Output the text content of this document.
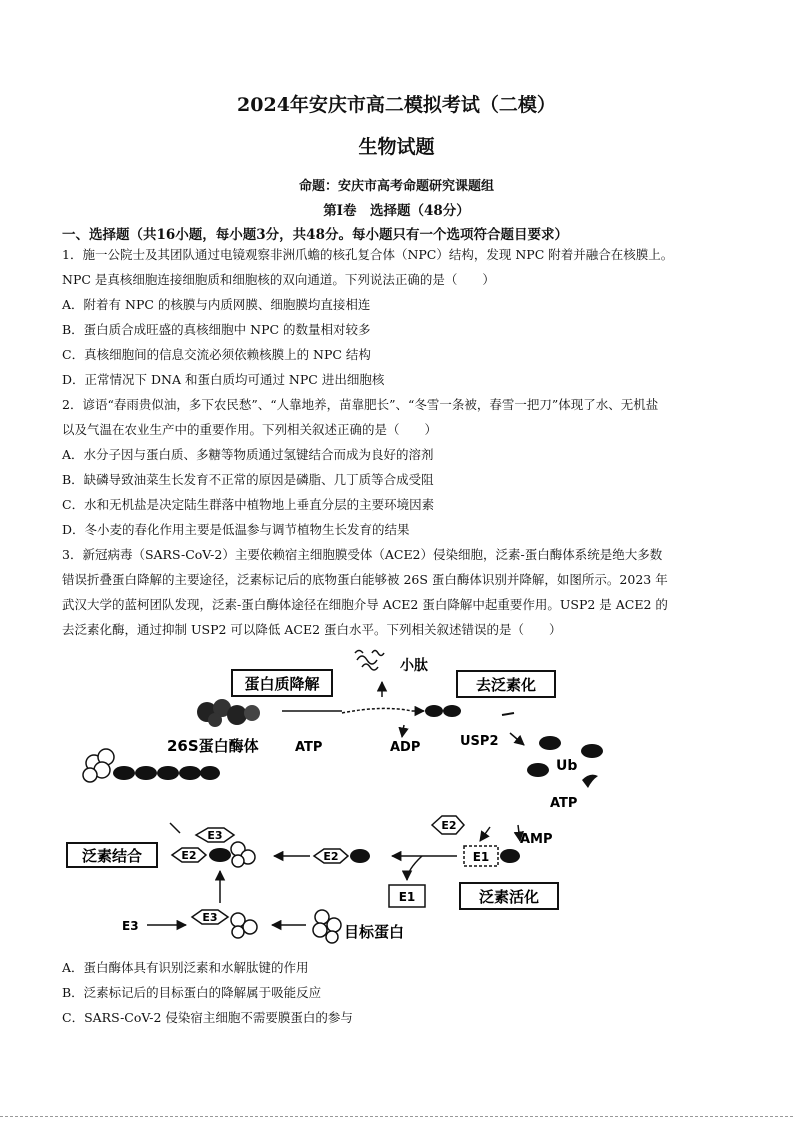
2024年安庆市高二模拟考试（二模）
生物试题
命题：安庆市高考命题研究课题组
第Ⅰ卷　选择题（48分）
一、选择题（共16小题，每小题3分，共48分。每小题只有一个选项符合题目要求）
1．施一公院士及其团队通过电镜观察非洲爪蟾的核孔复合体（NPC）结构，发现 NPC 附着并融合在核膜上。
NPC 是真核细胞连接细胞质和细胞核的双向通道。下列说法正确的是（　　）
A．附着有 NPC 的核膜与内质网膜、细胞膜均直接相连
B．蛋白质合成旺盛的真核细胞中 NPC 的数量相对较多
C．真核细胞间的信息交流必须依赖核膜上的 NPC 结构
D．正常情况下 DNA 和蛋白质均可通过 NPC 进出细胞核
2．谚语“春雨贵似油，多下农民愁”、“人靠地养，苗靠肥长”、“冬雪一条被，春雪一把刀”体现了水、无机盐
以及气温在农业生产中的重要作用。下列相关叙述正确的是（　　）
A．水分子因与蛋白质、多糖等物质通过氢键结合而成为良好的溶剂
B．缺磷导致油菜生长发育不正常的原因是磷脂、几丁质等合成受阻
C．水和无机盐是决定陆生群落中植物地上垂直分层的主要环境因素
D．冬小麦的春化作用主要是低温参与调节植物生长发育的结果
3．新冠病毒（SARS-CoV-2）主要依赖宿主细胞膜受体（ACE2）侵染细胞，泛素-蛋白酶体系统是绝大多数
错误折叠蛋白降解的主要途径，泛素标记后的底物蛋白能够被 26S 蛋白酶体识别并降解，如图所示。2023 年
武汉大学的蓝柯团队发现，泛素-蛋白酶体途径在细胞介导 ACE2 蛋白降解中起重要作用。USP2 是 ACE2 的
去泛素化酶，通过抑制 USP2 可以降低 ACE2 蛋白水平。下列相关叙述错误的是（　　）
蛋白质降解	去泛素化
小肽
26S蛋白酶体	ATP	ADP	USP2
Ub
ATP
泛素结合
E3
E2	E2
E2
E1
AMP
E1	泛素活化
E3
E3
目标蛋白
A．蛋白酶体具有识别泛素和水解肽键的作用
B．泛素标记后的目标蛋白的降解属于吸能反应
C．SARS-CoV-2 侵染宿主细胞不需要膜蛋白的参与
